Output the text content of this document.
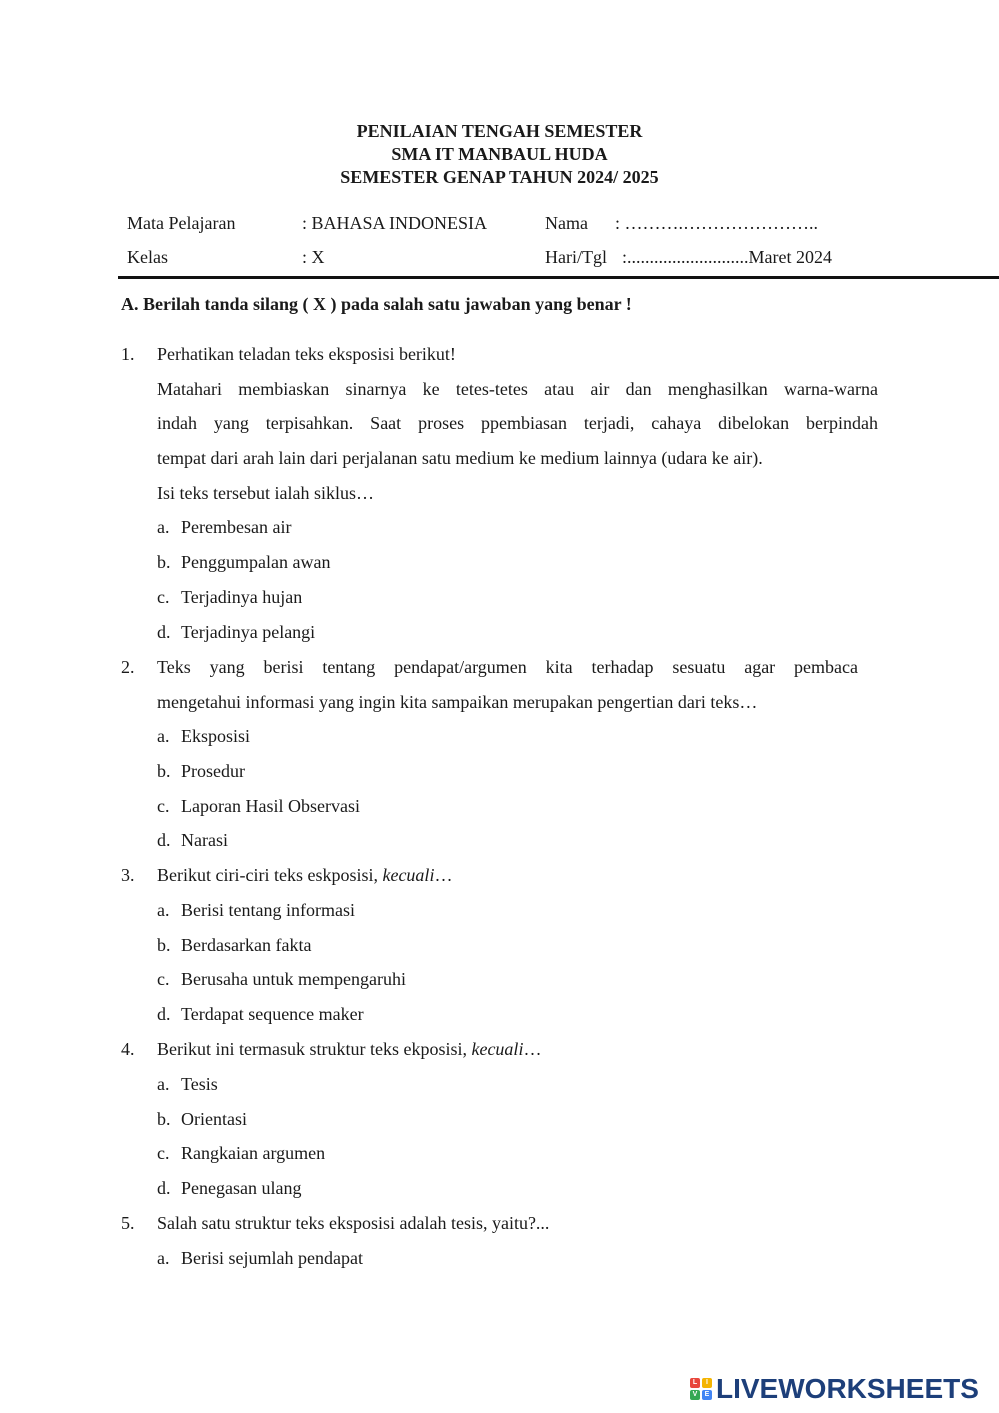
PENILAIAN TENGAH SEMESTER
SMA IT MANBAUL HUDA
SEMESTER GENAP TAHUN 2024/ 2025
Mata Pelajaran	: BAHASA INDONESIA	Nama : ……….…………………..
Kelas	: X	Hari/Tgl :...........................Maret 2024
A. Berilah tanda silang ( X ) pada salah satu jawaban yang benar !
1. Perhatikan teladan teks eksposisi berikut!
Matahari membiaskan sinarnya ke tetes-tetes atau air dan menghasilkan warna-warna
indah yang terpisahkan. Saat proses ppembiasan terjadi, cahaya dibelokan berpindah
tempat dari arah lain dari perjalanan satu medium ke medium lainnya (udara ke air).
Isi teks tersebut ialah siklus…
a. Perembesan air
b. Penggumpalan awan
c. Terjadinya hujan
d. Terjadinya pelangi
2. Teks yang berisi tentang pendapat/argumen kita terhadap sesuatu agar pembaca
mengetahui informasi yang ingin kita sampaikan merupakan pengertian dari teks…
a. Eksposisi
b. Prosedur
c. Laporan Hasil Observasi
d. Narasi
3. Berikut ciri-ciri teks eskposisi, kecuali…
a. Berisi tentang informasi
b. Berdasarkan fakta
c. Berusaha untuk mempengaruhi
d. Terdapat sequence maker
4. Berikut ini termasuk struktur teks ekposisi, kecuali…
a. Tesis
b. Orientasi
c. Rangkaian argumen
d. Penegasan ulang
5. Salah satu struktur teks eksposisi adalah tesis, yaitu?...
a. Berisi sejumlah pendapat
L	I
V	E LIVEWORKSHEETS
